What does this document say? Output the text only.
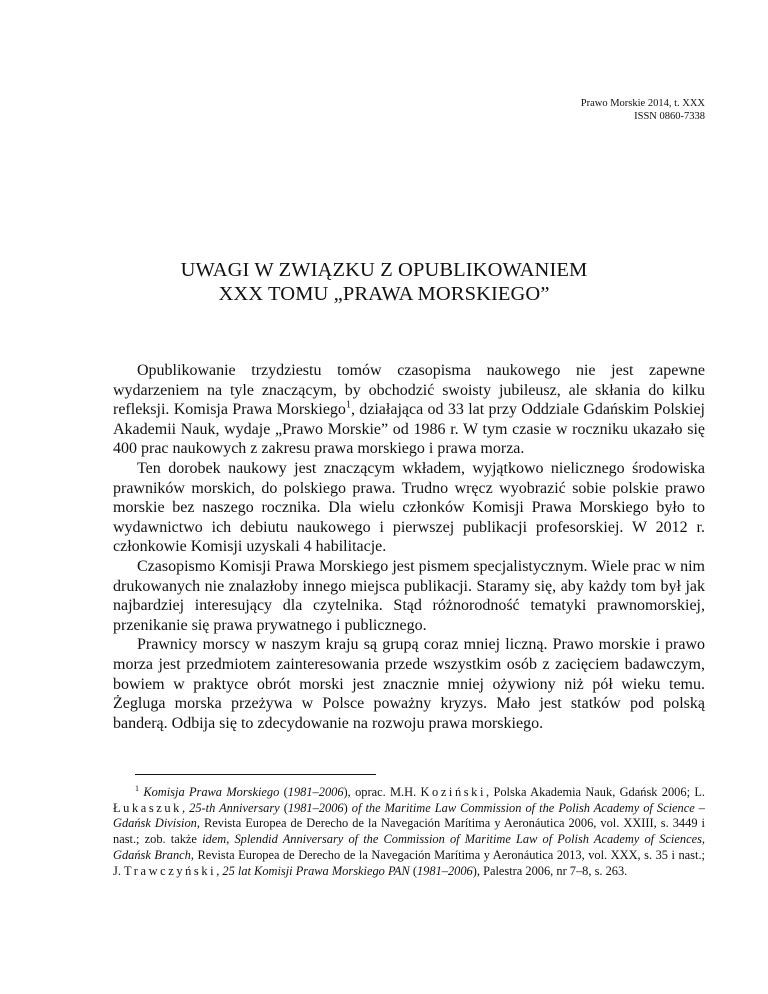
Prawo Morskie 2014, t. XXX
ISSN 0860-7338
UWAGI W ZWIĄZKU Z OPUBLIKOWANIEM
XXX TOMU „PRAWA MORSKIEGO”

Opublikowanie trzydziestu tomów czasopisma naukowego nie jest zapewne wydarzeniem na tyle znaczącym, by obchodzić swoisty jubileusz, ale skłania do kilku refleksji. Komisja Prawa Morskiego$^1$, działająca od 33 lat przy Oddziale Gdańskim Polskiej Akademii Nauk, wydaje „Prawo Morskie” od 1986 r. W tym czasie w roczniku ukazało się 400 prac naukowych z zakresu prawa morskiego i prawa morza.

Ten dorobek naukowy jest znaczącym wkładem, wyjątkowo nielicznego środowiska prawników morskich, do polskiego prawa. Trudno wręcz wyobrazić sobie polskie prawo morskie bez naszego rocznika. Dla wielu członków Komisji Prawa Morskiego było to wydawnictwo ich debiutu naukowego i pierwszej publikacji profesorskiej. W 2012 r. członkowie Komisji uzyskali 4 habilitacje.

Czasopismo Komisji Prawa Morskiego jest pismem specjalistycznym. Wiele prac w nim drukowanych nie znalazłoby innego miejsca publikacji. Staramy się, aby każdy tom był jak najbardziej interesujący dla czytelnika. Stąd różnorodność tematyki prawnomorskiej, przenikanie się prawa prywatnego i publicznego.

Prawnicy morscy w naszym kraju są grupą coraz mniej liczną. Prawo morskie i prawo morza jest przedmiotem zainteresowania przede wszystkim osób z zacięciem badawczym, bowiem w praktyce obrót morski jest znacznie mniej ożywiony niż pół wieku temu. Żegluga morska przeżywa w Polsce poważny kryzys. Mało jest statków pod polską banderą. Odbija się to zdecydowanie na rozwoju prawa morskiego.

$^1$ Komisja Prawa Morskiego (1981–2006), oprac. M.H. Koziński, Polska Akademia Nauk, Gdańsk 2006; L. Łukaszuk, 25-th Anniversary (1981–2006) of the Maritime Law Commission of the Polish Academy of Science – Gdańsk Division, Revista Europea de Derecho de la Navegación Marítima y Aeronáutica 2006, vol. XXIII, s. 3449 i nast.; zob. także idem, Splendid Anniversary of the Commission of Maritime Law of Polish Academy of Sciences, Gdańsk Branch, Revista Europea de Derecho de la Navegación Marítima y Aeronáutica 2013, vol. XXX, s. 35 i nast.; J. Trawczyński, 25 lat Komisji Prawa Morskiego PAN (1981–2006), Palestra 2006, nr 7–8, s. 263.
